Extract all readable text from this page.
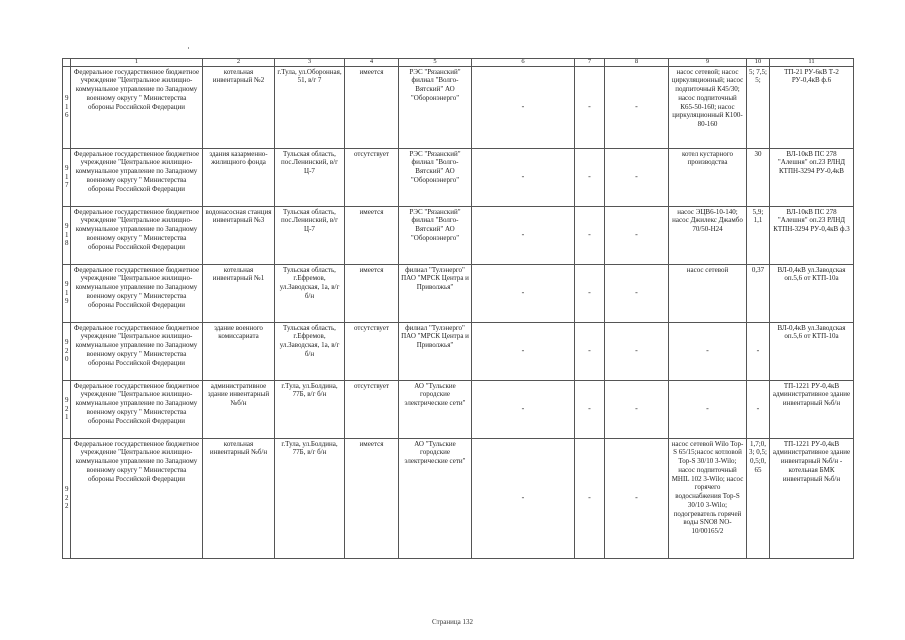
	1	2	3	4	5	6	7	8	9	10	11
916	Федеральное государственное бюджетное учреждение "Центральное жилищно-коммунальное управление по Западному военному округу " Министерства обороны Российской Федерации	котельная инвентарный №2	г.Тула, ул.Оборонная, 51, в/г 7	имеется	РЭС "Рязанский" филиал "Волго-Вятский" АО "Оборонэнерго"	-	-	-	насос сетевой; насос циркуляционный; насос подпиточный К45/30; насос подпиточный К65-50-160; насос циркуляционный К100-80-160	5; 7,5; 5;	ТП-21 РУ-6кВ Т-2 РУ-0,4кВ ф.6
917	Федеральное государственное бюджетное учреждение "Центральное жилищно-коммунальное управление по Западному военному округу " Министерства обороны Российской Федерации	здания казарменно-жилищного фонда	Тульская область, пос.Ленинский, в/г Ц-7	отсутствует	РЭС "Рязанский" филиал "Волго-Вятский" АО "Оборонэнерго"	-	-	-	котел кустарного производства	30	ВЛ-10кВ ПС 278 "Алешня" оп.23 РЛНД КТПН-3294 РУ-0,4кВ
918	Федеральное государственное бюджетное учреждение "Центральное жилищно-коммунальное управление по Западному военному округу " Министерства обороны Российской Федерации	водонасосная станция инвентарный №3	Тульская область, пос.Ленинский, в/г Ц-7	имеется	РЭС "Рязанский" филиал "Волго-Вятский" АО "Оборонэнерго"	-	-	-	насос ЭЦВ6-10-140; насос Джилекс Джамбо 70/50-Н24	5,9; 1,1	ВЛ-10кВ ПС 278 "Алешня" оп.23 РЛНД КТПН-3294 РУ-0,4кВ ф.3
919	Федеральное государственное бюджетное учреждение "Центральное жилищно-коммунальное управление по Западному военному округу " Министерства обороны Российской Федерации	котельная инвентарный №1	Тульская область, г.Ефремов, ул.Заводская, 1а, в/г б/н	имеется	филиал "Тулэнерго" ПАО "МРСК Центра и Приволжья"	-	-	-	насос сетевой	0,37	ВЛ-0,4кВ ул.Заводская оп.5,6 от КТП-10а
920	Федеральное государственное бюджетное учреждение "Центральное жилищно-коммунальное управление по Западному военному округу " Министерства обороны Российской Федерации	здание военного комиссариата	Тульская область, г.Ефремов, ул.Заводская, 1а, в/г б/н	отсутствует	филиал "Тулэнерго" ПАО "МРСК Центра и Приволжья"	-	-	-	-	-	ВЛ-0,4кВ ул.Заводская оп.5,6 от КТП-10а
921	Федеральное государственное бюджетное учреждение "Центральное жилищно-коммунальное управление по Западному военному округу " Министерства обороны Российской Федерации	административное здание инвентарный №б/н	г.Тула, ул.Болдина, 77Б, в/г б/н	отсутствует	АО "Тульские городские электрические сети"	-	-	-	-	-	ТП-1221 РУ-0,4кВ административное здание инвентарный №б/н
922	Федеральное государственное бюджетное учреждение "Центральное жилищно-коммунальное управление по Западному военному округу " Министерства обороны Российской Федерации	котельная инвентарный №б/н	г.Тула, ул.Болдина, 77Б, в/г б/н	имеется	АО "Тульские городские электрические сети"	-	-	-	насос сетевой Wilo Top-S 65/15;насос котловой Top-S 30/10 3-Wilo; насос подпиточный MHIL 102 3-Wilo; насос горячего водоснабжения Top-S 30/10 3-Wilo; подогреватель горячей воды SNO8 NO-10/00165/2	1,7;0,3; 0,5; 0,5;0,65	ТП-1221 РУ-0,4кВ административное здание инвентарный №б/н - котельная БМК инвентарный №б/н
Страница 132
